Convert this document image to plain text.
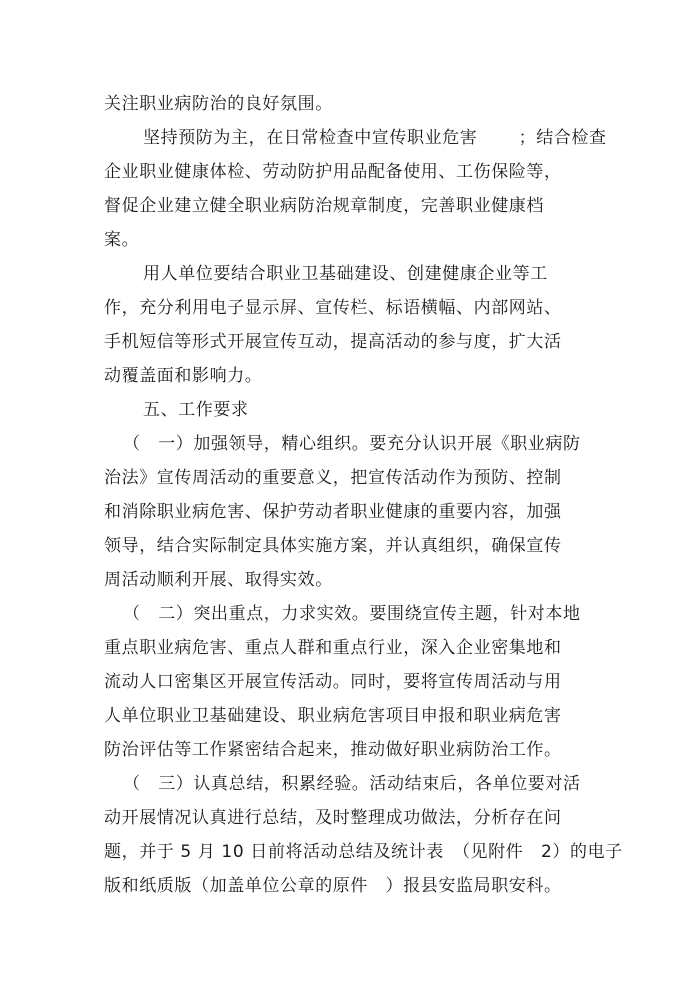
关注职业病防治的良好氛围。
坚持预防为主，在日常检查中宣传职业危害　　 ；结合检查
企业职业健康体检、劳动防护用品配备使用、工伤保险等，
督促企业建立健全职业病防治规章制度，完善职业健康档
案。
用人单位要结合职业卫基础建设、创建健康企业等工
作，充分利用电子显示屏、宣传栏、标语横幅、内部网站、
手机短信等形式开展宣传互动，提高活动的参与度，扩大活
动覆盖面和影响力。
五、工作要求
（　一）加强领导，精心组织。要充分认识开展《职业病防
治法》宣传周活动的重要意义，把宣传活动作为预防、控制
和消除职业病危害、保护劳动者职业健康的重要内容，加强
领导，结合实际制定具体实施方案，并认真组织，确保宣传
周活动顺利开展、取得实效。
（　二）突出重点，力求实效。要围绕宣传主题，针对本地
重点职业病危害、重点人群和重点行业，深入企业密集地和
流动人口密集区开展宣传活动。同时，要将宣传周活动与用
人单位职业卫基础建设、职业病危害项目申报和职业病危害
防治评估等工作紧密结合起来，推动做好职业病防治工作。
（　三）认真总结，积累经验。活动结束后，各单位要对活
动开展情况认真进行总结，及时整理成功做法，分析存在问
题，并于 5 月 10 日前将活动总结及统计表　（见附件　2）的电子
版和纸质版（加盖单位公章的原件　）报县安监局职安科。
